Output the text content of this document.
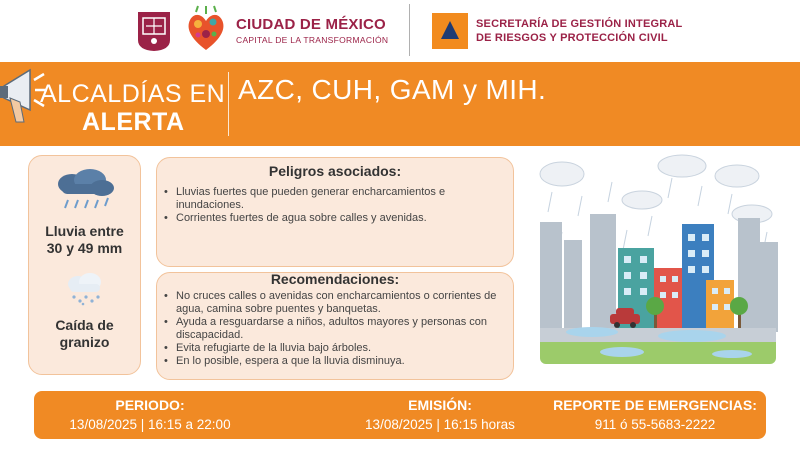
CIUDAD DE MÉXICO
CAPITAL DE LA TRANSFORMACIÓN
SECRETARÍA DE GESTIÓN INTEGRAL
DE RIESGOS Y PROTECCIÓN CIVIL
ALCALDÍAS EN
ALERTA
AZC, CUH, GAM y MIH.
Lluvia entre
30 y 49 mm
Caída de
granizo
Peligros asociados:
• Lluvias fuertes que pueden generar encharcamientos e inundaciones.
• Corrientes fuertes de agua sobre calles y avenidas.
Recomendaciones:
• No cruces calles o avenidas con encharcamientos o corrientes de agua, camina sobre puentes y banquetas.
• Ayuda a resguardarse a niños, adultos mayores y personas con discapacidad.
• Evita refugiarte de la lluvia bajo árboles.
• En lo posible, espera a que la lluvia disminuya.
PERIODO:
13/08/2025 | 16:15 a 22:00
EMISIÓN:
13/08/2025 | 16:15 horas
REPORTE DE EMERGENCIAS:
911 ó 55-5683-2222
